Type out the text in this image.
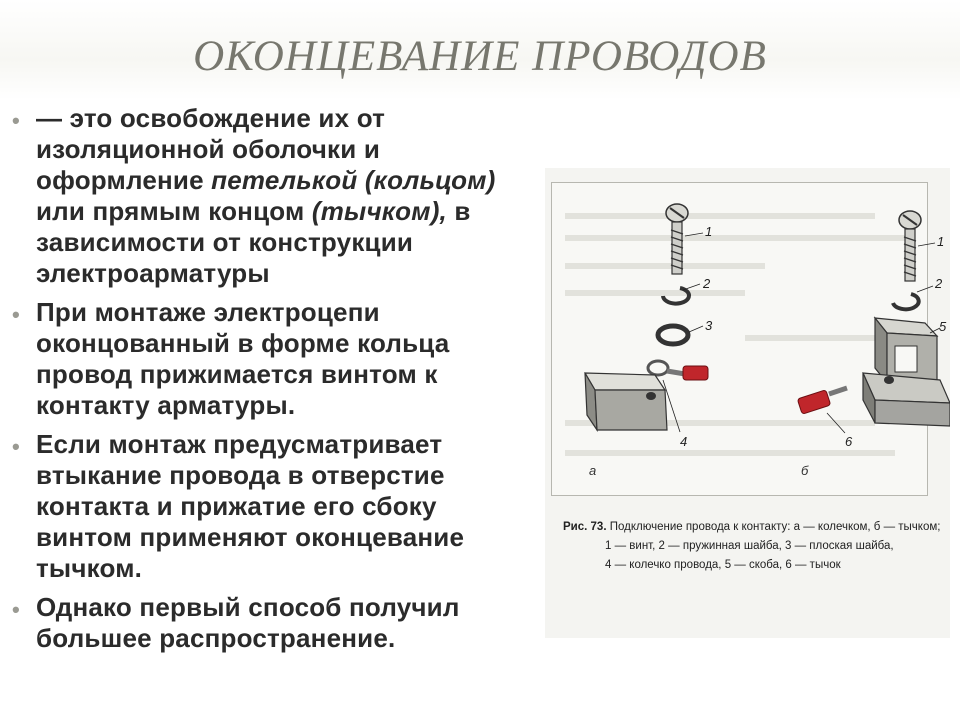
ОКОНЦЕВАНИЕ ПРОВОДОВ
• — это освобождение их от изоляционной оболочки и оформление петелькой (кольцом) или прямым концом (тычком), в зависимости от конструкции электроарматуры
• При монтаже электроцепи оконцованный в форме кольца провод прижимается винтом к контакту арматуры.
• Если монтаж предусматривает втыкание провода в отверстие контакта и прижатие его сбоку винтом применяют оконцевание тычком.
• Однако первый способ получил большее распространение.
1
2
3
4
1
2
5
6
а	б
Рис. 73. Подключение провода к контакту: а — колечком, б — тычком;
1 — винт, 2 — пружинная шайба, 3 — плоская шайба,
4 — колечко провода, 5 — скоба, 6 — тычок
